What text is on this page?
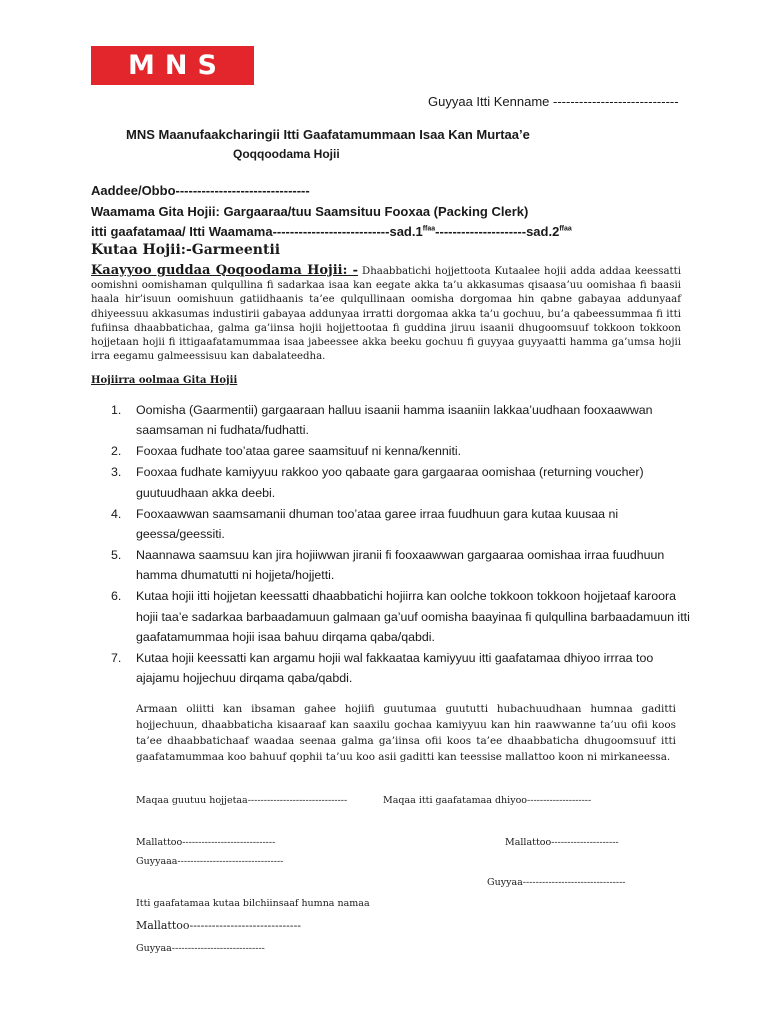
MNS
Guyyaa Itti Kenname -----------------------------
MNS Maanufaakcharingii Itti Gaafatamummaan Isaa Kan Murtaa’e
Qoqqoodama Hojii
Aaddee/Obbo-------------------------------
Waamama Gita Hojii: Gargaaraa/tuu Saamsituu Fooxaa (Packing Clerk)
itti gaafatamaa/ Itti Waamama-$--------------------------sad.1^{ffaa}---------------------sad.2^{ffaa}$
Kutaa Hojii:-Garmeentii
Kaayyoo guddaa Qoqoodama Hojii: - Dhaabbatichi hojjettoota Kutaalee hojii adda addaa keessatti oomishni oomishaman qulqullina fi sadarkaa isaa kan eegate akka ta’u akkasumas qisaasa’uu oomishaa fi baasii haala hir’isuun oomishuun gatiidhaanis ta’ee qulqullinaan oomisha dorgomaa hin qabne gabayaa addunyaaf dhiyeessuu akkasumas industirii gabayaa addunyaa irratti dorgomaa akka ta’u gochuu, bu’a qabeessummaa fi itti fufiinsa dhaabbatichaa, galma ga’iinsa hojii hojjettootaa fi guddina jiruu isaanii dhugoomsuuf tokkoon tokkoon hojjetaan hojii fi ittigaafatamummaa isaa jabeessee akka beeku gochuu fi guyyaa guyyaatti hamma ga’umsa hojii irra eegamu galmeessisuu kan dabalateedha.
Hojiirra oolmaa Gita Hojii
1. Oomisha (Gaarmentii) gargaaraan halluu isaanii hamma isaaniin lakkaa’uudhaan fooxaawwan saamsaman ni fudhata/fudhatti.
2. Fooxaa fudhate too’ataa garee saamsituuf ni kenna/kenniti.
3. Fooxaa fudhate kamiyyuu rakkoo yoo qabaate gara gargaaraa oomishaa (returning voucher) guutuudhaan akka deebi.
4. Fooxaawwan saamsamanii dhuman too’ataa garee irraa fuudhuun gara kutaa kuusaa ni geessa/geessiti.
5. Naannawa saamsuu kan jira hojiiwwan jiranii fi fooxaawwan gargaaraa oomishaa irraa fuudhuun hamma dhumatutti ni hojjeta/hojjetti.
6. Kutaa hojii itti hojjetan keessatti dhaabbatichi hojiirra kan oolche tokkoon tokkoon hojjetaaf karoora hojii taa’e sadarkaa barbaadamuun galmaan ga’uuf oomisha baayinaa fi qulqullina barbaadamuun itti gaafatamummaa hojii isaa bahuu dirqama qaba/qabdi.
7. Kutaa hojii keessatti kan argamu hojii wal fakkaataa kamiyyuu itti gaafatamaa dhiyoo irrraa too ajajamu hojjechuu dirqama qaba/qabdi.
Armaan oliitti kan ibsaman gahee hojiifi guutumaa guututti hubachuudhaan humnaa gaditti hojjechuun, dhaabbaticha kisaaraaf kan saaxilu gochaa kamiyyuu kan hin raawwanne ta’uu ofii koos ta’ee dhaabbatichaaf waadaa seenaa galma ga’iinsa ofii koos ta’ee dhaabbaticha dhugoomsuuf itti gaafatamummaa koo bahuuf qophii ta’uu koo asii gaditti kan teessise mallattoo koon ni mirkaneessa.
Maqaa guutuu hojjetaa-------------------------------	Maqaa itti gaafatamaa dhiyoo--------------------
Mallattoo-----------------------------	Mallattoo---------------------
Guyyaaa---------------------------------
Guyyaa--------------------------------
Itti gaafatamaa kutaa bilchiinsaaf humna namaa
Mallattoo------------------------------
Guyyaa-----------------------------
